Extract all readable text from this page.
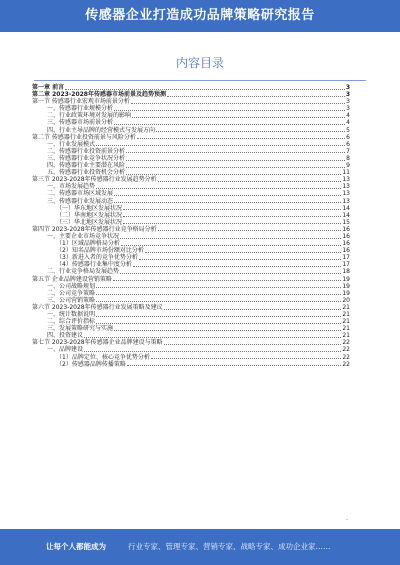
传感器企业打造成功品牌策略研究报告
内容目录
第一章 前言	3
第二章 2023-2028年传感器市场前景及趋势预测	3
第一节 传感器行业宏观市场前景分析	3
一、传感器行业规模分析	3
二、行业政策环境对发展的影响	4
三、传感器市场前景分析	4
四、行业主导品牌的经营模式与发展方向	5
第二节 传感器行业投资前景与风险分析	6
一、行业发展模式	6
二、传感器行业投资前景分析	7
三、传感器行业竞争状况分析	8
四、传感器行业主要潜在风险	9
五、传感器行业投资机会分析	11
第三节 2023-2028年传感器行业发展趋势分析	13
一、市场发展趋势	13
二、传感器市场区域发展	13
三、传感器行业发展动态	13
（一）华东地区发展状况	14
（二）华南地区发展状况	14
（三）华北地区发展状况	15
第四节 2023-2028年传感器行业竞争格局分析	16
一、主要企业市场竞争状况	16
（1）区域品牌格局分析	16
（2）知名品牌市场份额对比分析	16
（3）新进入者的竞争优势分析	17
（4）传感器行业集中度分析	17
二、行业竞争格局发展趋势	18
第五节 企业品牌建设营销策略	19
一、公司战略规划	19
二、公司竞争策略	19
三、公司营销策略	20
第六节 2023-2028年传感器行业发展策略及建议	21
一、统计数据说明	21
二、综合评价指标	21
三、发展策略研究与实施	21
四、投资建议	21
第七节 2023-2028年传感器企业品牌建设与策略	22
一、品牌建设	22
（1）品牌定位、核心竞争优势分析	22
（2）传感器品牌传播策略	22
.
让每个人都能成为	行业专家、管理专家、营销专家、战略专家、成功企业家……
